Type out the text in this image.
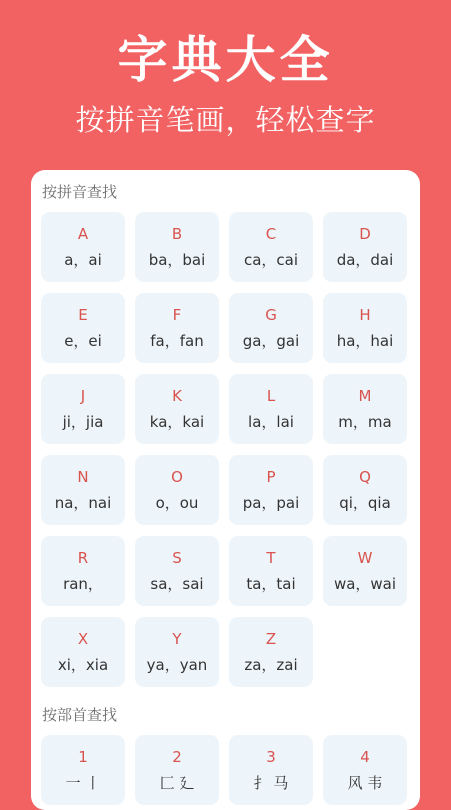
字典大全
按拼音笔画，轻松查字
按拼音查找
A
a，ai
B
ba，bai
C
ca，cai
D
da，dai
E
e，ei
F
fa，fan
G
ga，gai
H
ha，hai
J
ji，jia
K
ka，kai
L
la，lai
M
m，ma
N
na，nai
O
o，ou
P
pa，pai
Q
qi，qia
R
ran，
S
sa，sai
T
ta，tai
W
wa，wai
X
xi，xia
Y
ya，yan
Z
za，zai
按部首查找
1
一 丨
2
匚 廴
3
扌 马
4
风 韦
